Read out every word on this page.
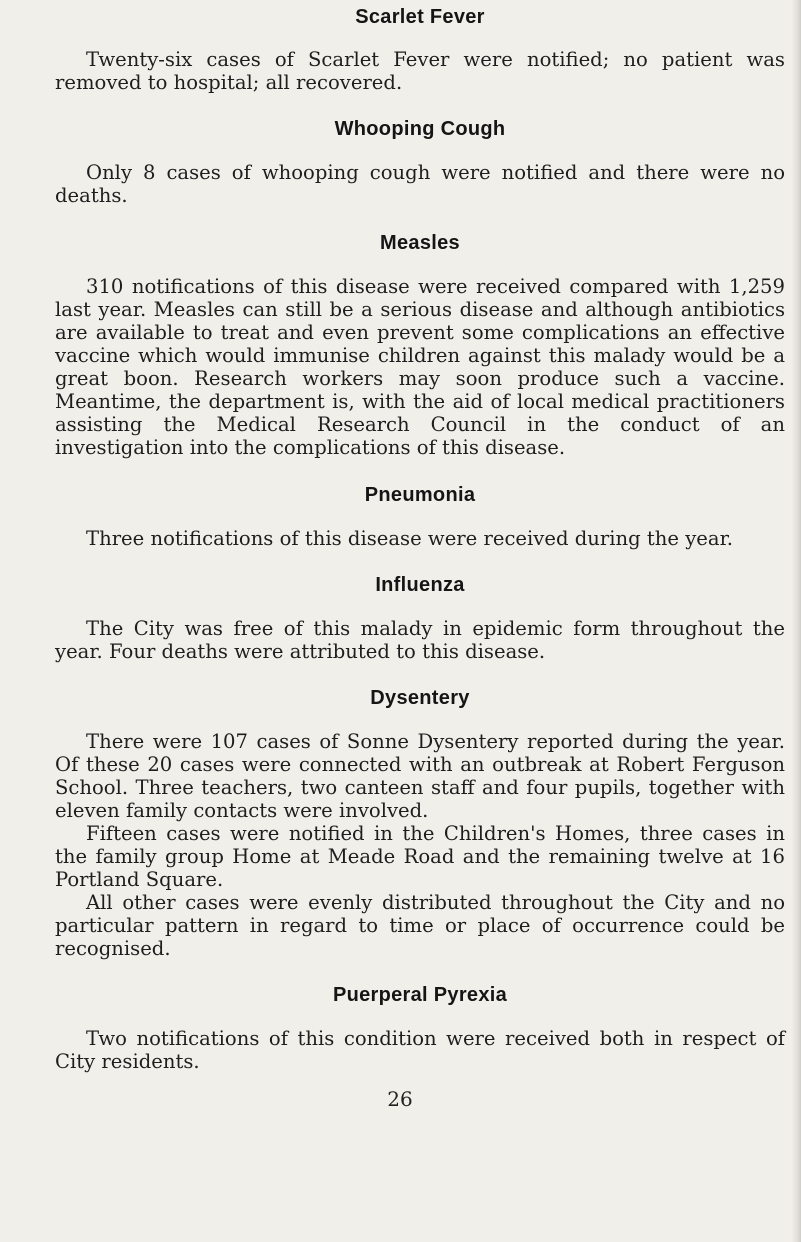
Scarlet Fever

Twenty-six cases of Scarlet Fever were notified; no patient was removed to hospital; all recovered.

Whooping Cough

Only 8 cases of whooping cough were notified and there were no deaths.

Measles

310 notifications of this disease were received compared with 1,259 last year. Measles can still be a serious disease and although antibiotics are available to treat and even prevent some complications an effective vaccine which would immunise children against this malady would be a great boon. Research workers may soon produce such a vaccine. Meantime, the department is, with the aid of local medical practitioners assisting the Medical Research Council in the conduct of an investigation into the complications of this disease.

Pneumonia

Three notifications of this disease were received during the year.

Influenza

The City was free of this malady in epidemic form throughout the year. Four deaths were attributed to this disease.

Dysentery

There were 107 cases of Sonne Dysentery reported during the year. Of these 20 cases were connected with an outbreak at Robert Ferguson School. Three teachers, two canteen staff and four pupils, together with eleven family contacts were involved.

Fifteen cases were notified in the Children's Homes, three cases in the family group Home at Meade Road and the remaining twelve at 16 Portland Square.

All other cases were evenly distributed throughout the City and no particular pattern in regard to time or place of occurrence could be recognised.

Puerperal Pyrexia

Two notifications of this condition were received both in respect of City residents.

26
